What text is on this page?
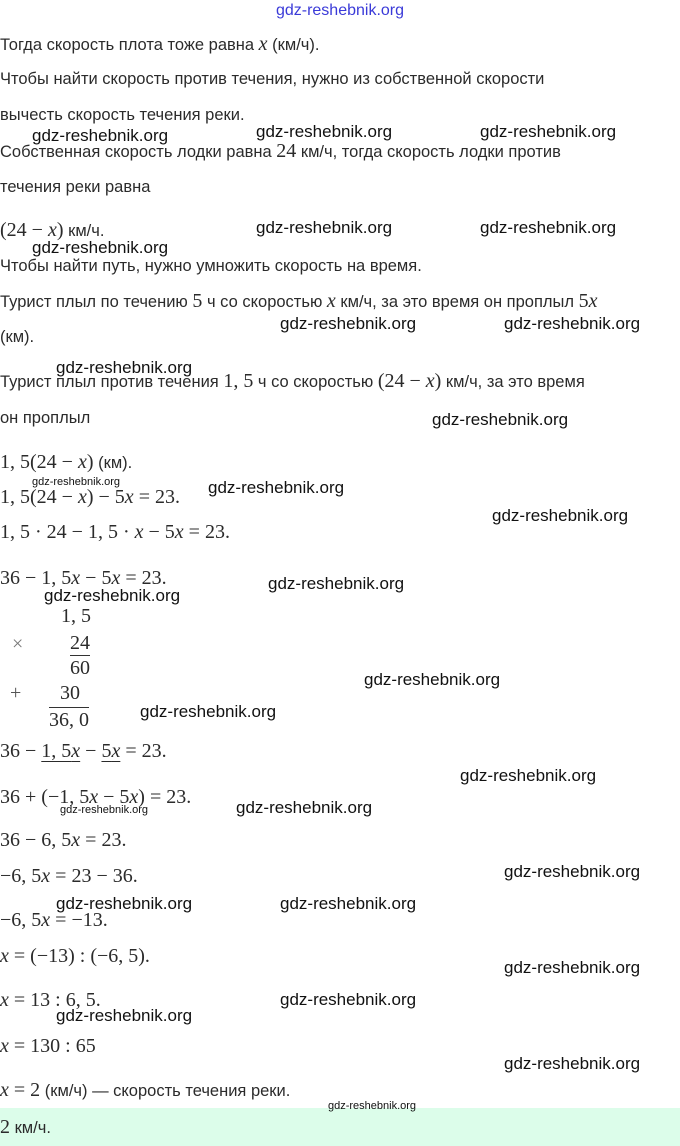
gdz-reshebnik.org
Тогда скорость плота тоже равна x (км/ч).
Чтобы найти скорость против течения, нужно из собственной скорости
вычесть скорость течения реки.
Собственная скорость лодки равна 24 км/ч, тогда скорость лодки против
течения реки равна
(24 − x) км/ч.
Чтобы найти путь, нужно умножить скорость на время.
Турист плыл по течению 5 ч со скоростью x км/ч, за это время он проплыл 5x
(км).
Турист плыл против течения 1, 5 ч со скоростью (24 − x) км/ч, за это время
он проплыл
1, 5(24 − x) (км).
1, 5(24 − x) − 5x = 23.
1, 5 · 24 − 1, 5 · x − 5x = 23.
36 − 1, 5x − 5x = 23.
36 − 1, 5x − 5x = 23.
36 + (−1, 5x − 5x) = 23.
36 − 6, 5x = 23.
−6, 5x = 23 − 36.
−6, 5x = −13.
x = (−13) : (−6, 5).
x = 13 : 6, 5.
x = 130 : 65
x = 2 (км/ч) — скорость течения реки.
1, 5
× 24
60
+ 30
36, 0
2 км/ч.
gdz-reshebnik.org	gdz-reshebnik.org	gdz-reshebnik.org
gdz-reshebnik.org	gdz-reshebnik.org
gdz-reshebnik.org
gdz-reshebnik.org	gdz-reshebnik.org
gdz-reshebnik.org
gdz-reshebnik.org
gdz-reshebnik.org	gdz-reshebnik.org
gdz-reshebnik.org
gdz-reshebnik.org
gdz-reshebnik.org
gdz-reshebnik.org
gdz-reshebnik.org
gdz-reshebnik.org
gdz-reshebnik.org	gdz-reshebnik.org
gdz-reshebnik.org
gdz-reshebnik.org	gdz-reshebnik.org
gdz-reshebnik.org
gdz-reshebnik.org
gdz-reshebnik.org
gdz-reshebnik.org
gdz-reshebnik.org
